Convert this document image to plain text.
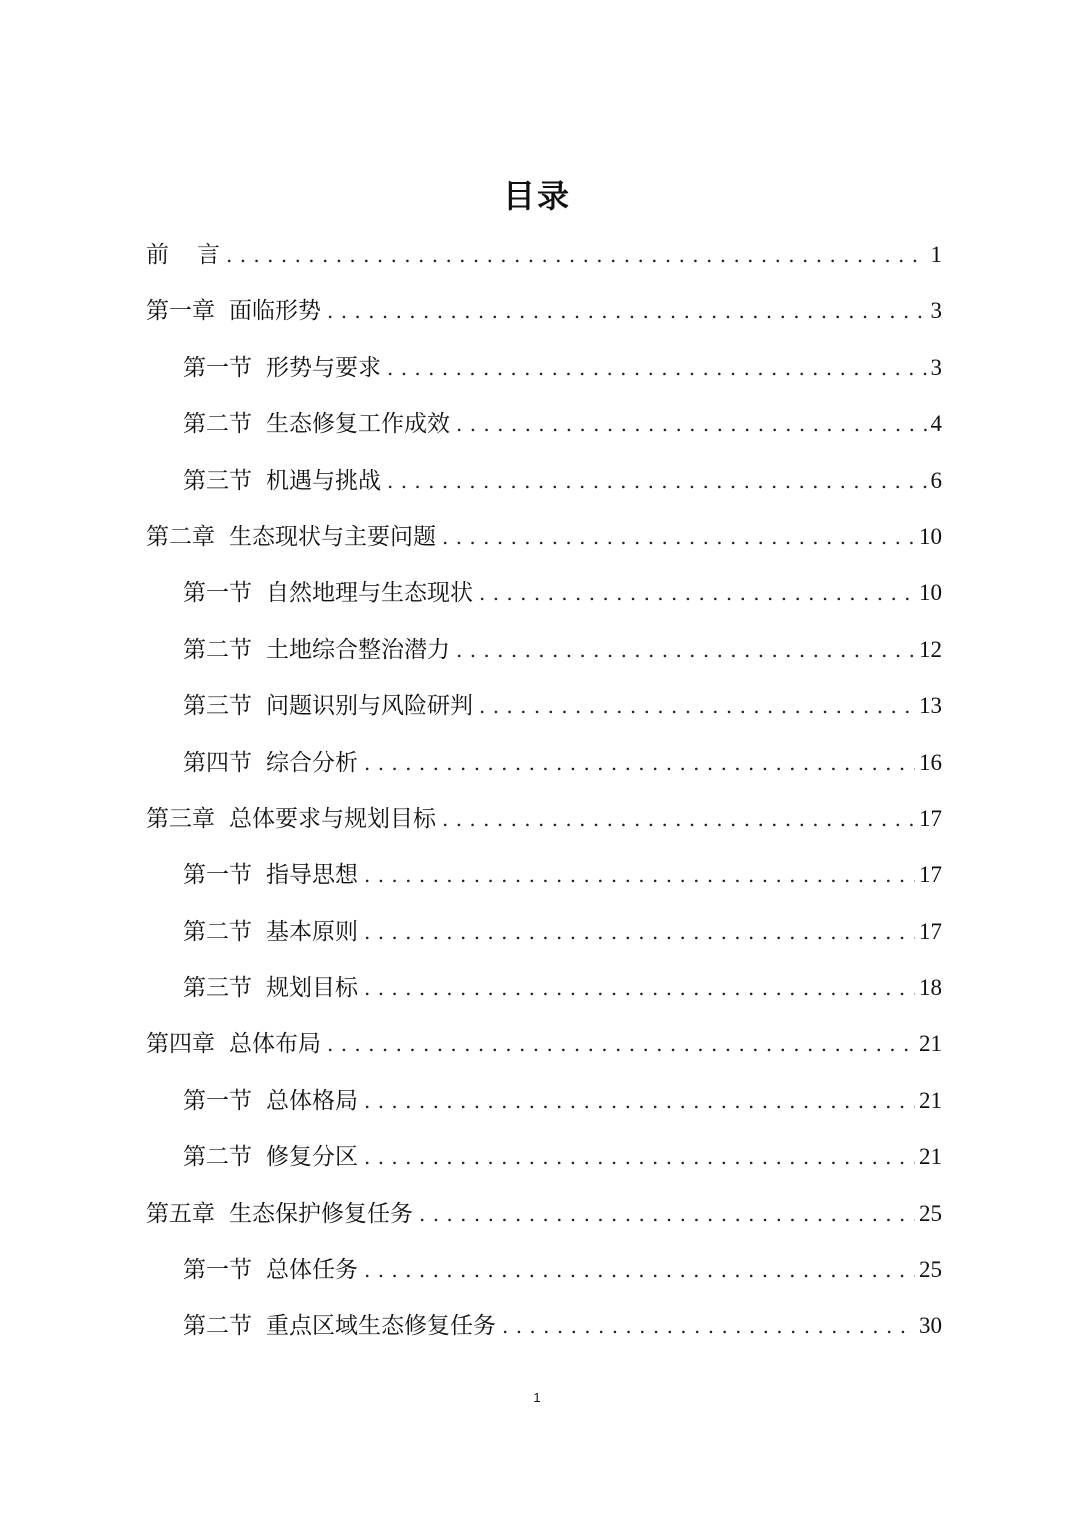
目录
前 言 . . .	1
第一章 面临形势 . . .	3
第一节 形势与要求 . . .	3
第二节 生态修复工作成效 . . .	4
第三节 机遇与挑战 . . .	6
第二章 生态现状与主要问题 . . .	10
第一节 自然地理与生态现状 . . .	10
第二节 土地综合整治潜力 . . .	12
第三节 问题识别与风险研判 . . .	13
第四节 综合分析 . . .	16
第三章 总体要求与规划目标 . . .	17
第一节 指导思想 . . .	17
第二节 基本原则 . . .	17
第三节 规划目标 . . .	18
第四章 总体布局 . . .	21
第一节 总体格局 . . .	21
第二节 修复分区 . . .	21
第五章 生态保护修复任务 . . .	25
第一节 总体任务 . . .	25
第二节 重点区域生态修复任务 . . .	30
1
